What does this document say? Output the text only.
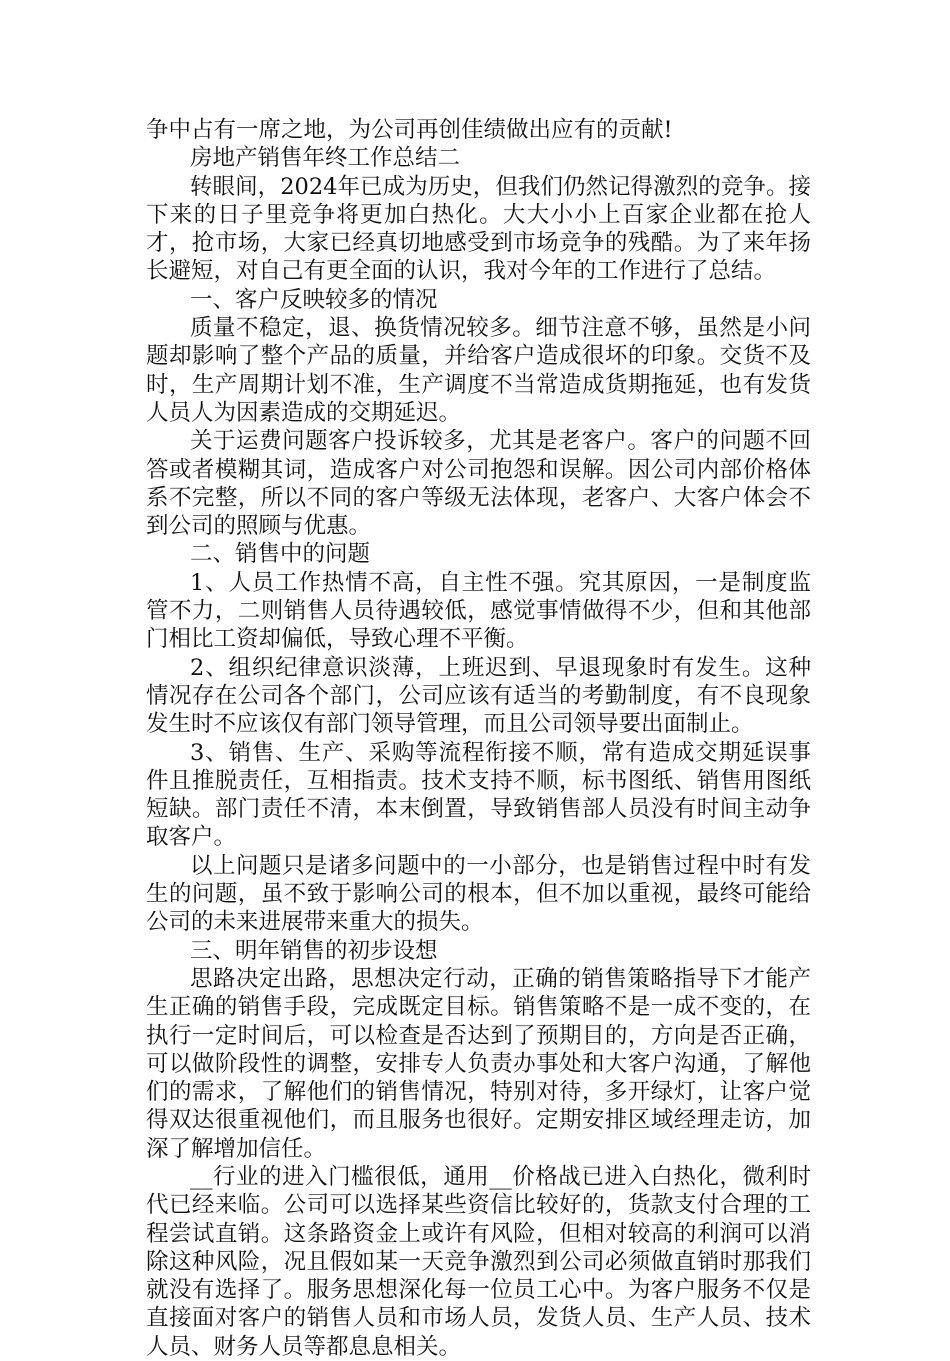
争中占有一席之地，为公司再创佳绩做出应有的贡献!

房地产销售年终工作总结二

转眼间，2024年已成为历史，但我们仍然记得激烈的竞争。接下来的日子里竞争将更加白热化。大大小小上百家企业都在抢人才，抢市场，大家已经真切地感受到市场竞争的残酷。为了来年扬长避短，对自己有更全面的认识，我对今年的工作进行了总结。

一、客户反映较多的情况

质量不稳定，退、换货情况较多。细节注意不够，虽然是小问题却影响了整个产品的质量，并给客户造成很坏的印象。交货不及时，生产周期计划不准，生产调度不当常造成货期拖延，也有发货人员人为因素造成的交期延迟。

关于运费问题客户投诉较多，尤其是老客户。客户的问题不回答或者模糊其词，造成客户对公司抱怨和误解。因公司内部价格体系不完整，所以不同的客户等级无法体现，老客户、大客户体会不到公司的照顾与优惠。

二、销售中的问题

1、人员工作热情不高，自主性不强。究其原因，一是制度监管不力，二则销售人员待遇较低，感觉事情做得不少，但和其他部门相比工资却偏低，导致心理不平衡。

2、组织纪律意识淡薄，上班迟到、早退现象时有发生。这种情况存在公司各个部门，公司应该有适当的考勤制度，有不良现象发生时不应该仅有部门领导管理，而且公司领导要出面制止。

3、销售、生产、采购等流程衔接不顺，常有造成交期延误事件且推脱责任，互相指责。技术支持不顺，标书图纸、销售用图纸短缺。部门责任不清，本末倒置，导致销售部人员没有时间主动争取客户。

以上问题只是诸多问题中的一小部分，也是销售过程中时有发生的问题，虽不致于影响公司的根本，但不加以重视，最终可能给公司的未来进展带来重大的损失。

三、明年销售的初步设想

思路决定出路，思想决定行动，正确的销售策略指导下才能产生正确的销售手段，完成既定目标。销售策略不是一成不变的，在执行一定时间后，可以检查是否达到了预期目的，方向是否正确，可以做阶段性的调整，安排专人负责办事处和大客户沟通，了解他们的需求，了解他们的销售情况，特别对待，多开绿灯，让客户觉得双达很重视他们，而且服务也很好。定期安排区域经理走访，加深了解增加信任。

__行业的进入门槛很低，通用__价格战已进入白热化，微利时代已经来临。公司可以选择某些资信比较好的，货款支付合理的工程尝试直销。这条路资金上或许有风险，但相对较高的利润可以消除这种风险，况且假如某一天竞争激烈到公司必须做直销时那我们就没有选择了。服务思想深化每一位员工心中。为客户服务不仅是直接面对客户的销售人员和市场人员，发货人员、生产人员、技术人员、财务人员等都息息相关。
